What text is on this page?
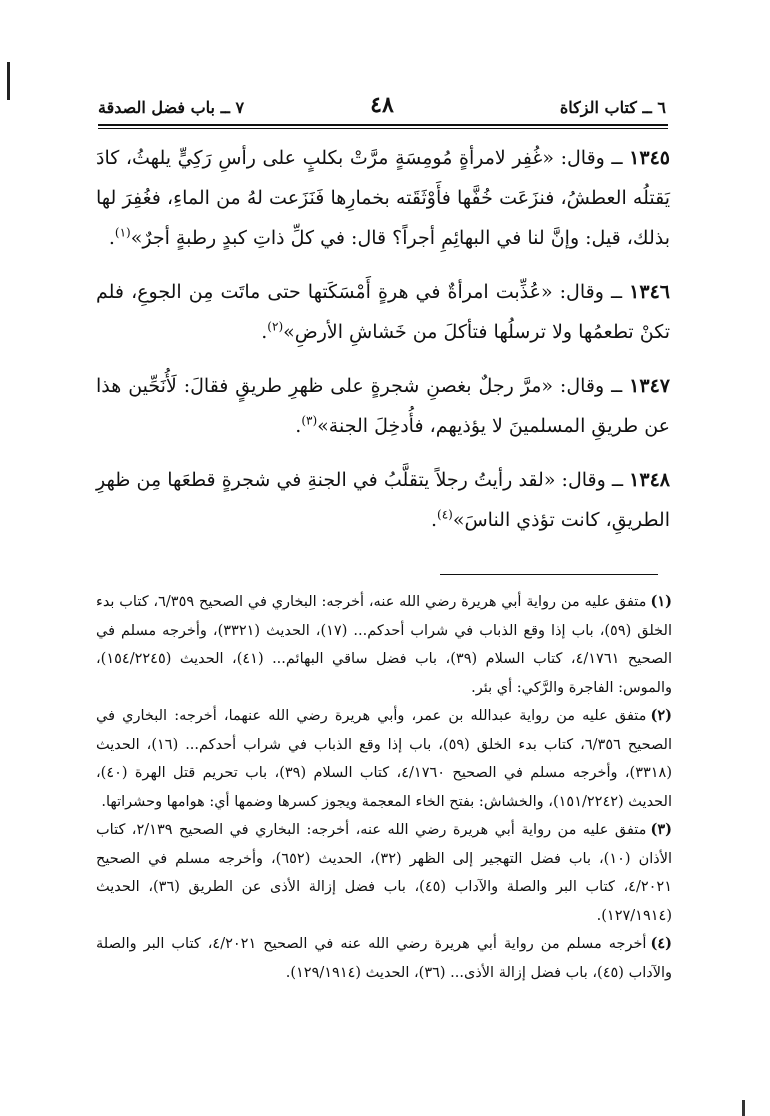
٦ ــ كتاب الزكاة
٤٨
٧ ــ باب فضل الصدقة

١٣٤٥ ــ وقال: «غُفِر لامرأةٍ مُومِسَةٍ مرَّتْ بكلبٍ على رأسِ رَكِيٍّ يلهثُ، كادَ يَقتلُه العطشُ، فنزَعَت خُفَّها فأَوْثَقَته بخمارِها فَنَزَعت لهُ من الماءِ، فغُفِرَ لها بذلك، قيل: وإنَّ لنا في البهائِمِ أجراً؟ قال: في كلِّ ذاتِ كبدٍ رطبةٍ أجرٌ»$^{(١)}$.

١٣٤٦ ــ وقال: «عُذِّبت امرأةٌ في هرةٍ أَمْسَكَتها حتى ماتَت مِن الجوعِ، فلم تكنْ تطعمُها ولا ترسلُها فتأكلَ من خَشاشِ الأرضِ»$^{(٢)}$.

١٣٤٧ ــ وقال: «مرَّ رجلٌ بغصنِ شجرةٍ على ظهرِ طريقٍ فقالَ: لَأُنَحِّين هذا عن طريقِ المسلمينَ لا يؤذيهم، فأُدخِلَ الجنة»$^{(٣)}$.

١٣٤٨ ــ وقال: «لقد رأيتُ رجلاً يتقلَّبُ في الجنةِ في شجرةٍ قطعَها مِن ظهرِ الطريقِ، كانت تؤذي الناسَ»$^{(٤)}$.

(١)متفق عليه من رواية أبي هريرة رضي الله عنه، أخرجه: البخاري في الصحيح ٦/٣٥٩، كتاب بدء الخلق (٥٩)، باب إذا وقع الذباب في شراب أحدكم... (١٧)، الحديث (٣٣٢١)، وأخرجه مسلم في الصحيح ٤/١٧٦١، كتاب السلام (٣٩)، باب فضل ساقي البهائم... (٤١)، الحديث (١٥٤/٢٢٤٥)، والموس: الفاجرة والرَّكي: أي بئر.

(٢)متفق عليه من رواية عبدالله بن عمر، وأبي هريرة رضي الله عنهما، أخرجه: البخاري في الصحيح ٦/٣٥٦، كتاب بدء الخلق (٥٩)، باب إذا وقع الذباب في شراب أحدكم... (١٦)، الحديث (٣٣١٨)، وأخرجه مسلم في الصحيح ٤/١٧٦٠، كتاب السلام (٣٩)، باب تحريم قتل الهرة (٤٠)، الحديث (١٥١/٢٢٤٢)، والخشاش: بفتح الخاء المعجمة ويجوز كسرها وضمها أي: هوامها وحشراتها.

(٣)متفق عليه من رواية أبي هريرة رضي الله عنه، أخرجه: البخاري في الصحيح ٢/١٣٩، كتاب الأذان (١٠)، باب فضل التهجير إلى الظهر (٣٢)، الحديث (٦٥٢)، وأخرجه مسلم في الصحيح ٤/٢٠٢١، كتاب البر والصلة والآداب (٤٥)، باب فضل إزالة الأذى عن الطريق (٣٦)، الحديث (١٢٧/١٩١٤).

(٤)أخرجه مسلم من رواية أبي هريرة رضي الله عنه في الصحيح ٤/٢٠٢١، كتاب البر والصلة والآداب (٤٥)، باب فضل إزالة الأذى... (٣٦)، الحديث (١٢٩/١٩١٤).
